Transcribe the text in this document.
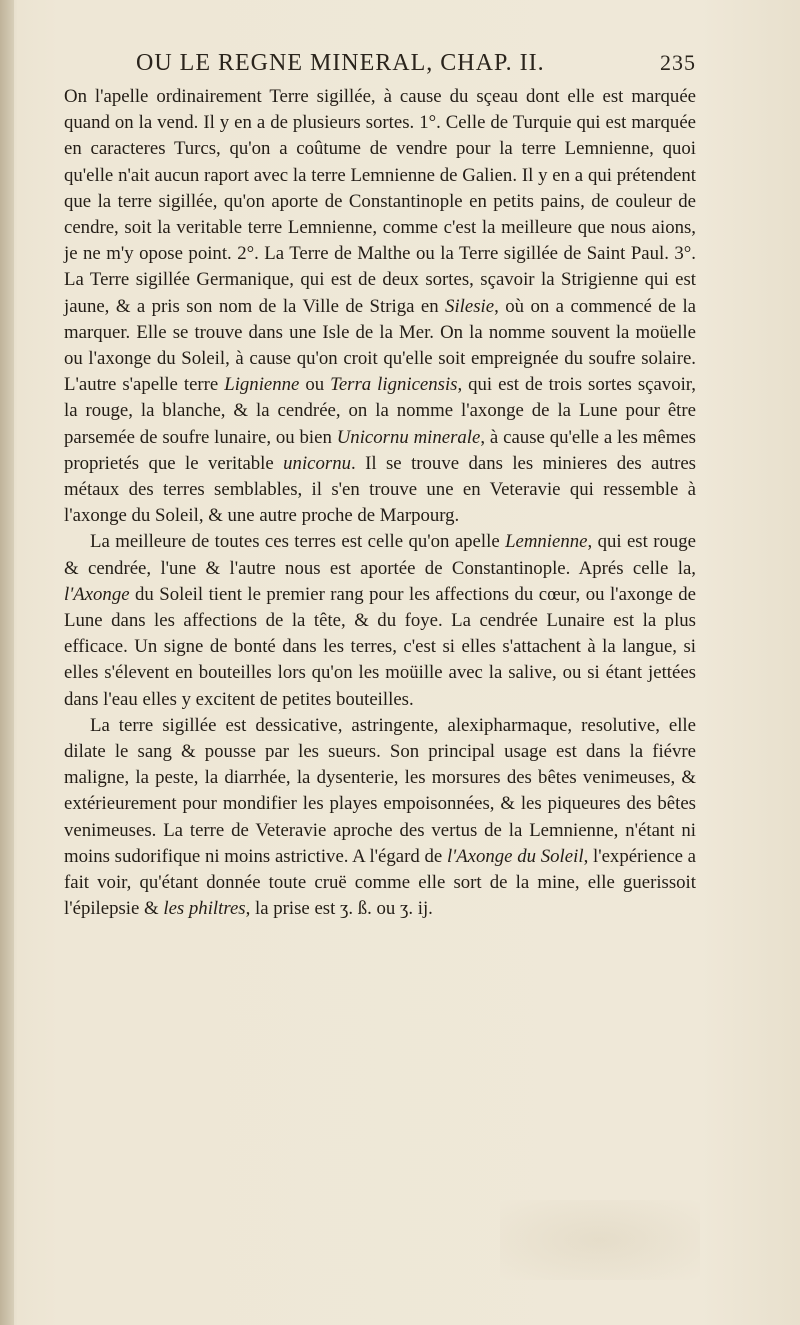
OU LE REGNE MINERAL, CHAP. II.	235

On l'apelle ordinairement Terre sigillée, à cause du sçeau dont elle est marquée quand on la vend. Il y en a de plusieurs sortes. 1°. Celle de Turquie qui est marquée en caracteres Turcs, qu'on a coûtume de vendre pour la terre Lemnienne, quoi qu'elle n'ait aucun raport avec la terre Lemnienne de Galien. Il y en a qui prétendent que la terre sigillée, qu'on aporte de Constantinople en petits pains, de couleur de cendre, soit la veritable terre Lemnienne, comme c'est la meilleure que nous aions, je ne m'y opose point. 2°. La Terre de Malthe ou la Terre sigillée de Saint Paul. 3°. La Terre sigillée Germanique, qui est de deux sortes, sçavoir la Strigienne qui est jaune, & a pris son nom de la Ville de Striga en Silesie, où on a commencé de la marquer. Elle se trouve dans une Isle de la Mer. On la nomme souvent la moüelle ou l'axonge du Soleil, à cause qu'on croit qu'elle soit empreignée du soufre solaire. L'autre s'apelle terre Lignienne ou Terra lignicensis, qui est de trois sortes sçavoir, la rouge, la blanche, & la cendrée, on la nomme l'axonge de la Lune pour être parsemée de soufre lunaire, ou bien Unicornu minerale, à cause qu'elle a les mêmes proprietés que le veritable unicornu. Il se trouve dans les minieres des autres métaux des terres semblables, il s'en trouve une en Veteravie qui ressemble à l'axonge du Soleil, & une autre proche de Marpourg.

La meilleure de toutes ces terres est celle qu'on apelle Lemnienne, qui est rouge & cendrée, l'une & l'autre nous est aportée de Constantinople. Aprés celle la, l'Axonge du Soleil tient le premier rang pour les affections du cœur, ou l'axonge de Lune dans les affections de la tête, & du foye. La cendrée Lunaire est la plus efficace. Un signe de bonté dans les terres, c'est si elles s'attachent à la langue, si elles s'élevent en bouteilles lors qu'on les moüille avec la salive, ou si étant jettées dans l'eau elles y excitent de petites bouteilles.

La terre sigillée est dessicative, astringente, alexipharmaque, resolutive, elle dilate le sang & pousse par les sueurs. Son principal usage est dans la fiévre maligne, la peste, la diarrhée, la dysenterie, les morsures des bêtes venimeuses, & extérieurement pour mondifier les playes empoisonnées, & les piqueures des bêtes venimeuses. La terre de Veteravie aproche des vertus de la Lemnienne, n'étant ni moins sudorifique ni moins astrictive. A l'égard de l'Axonge du Soleil, l'expérience a fait voir, qu'étant donnée toute cruë comme elle sort de la mine, elle guerissoit l'épilepsie & les philtres, la prise est ʒ. ß. ou ʒ. ij.
